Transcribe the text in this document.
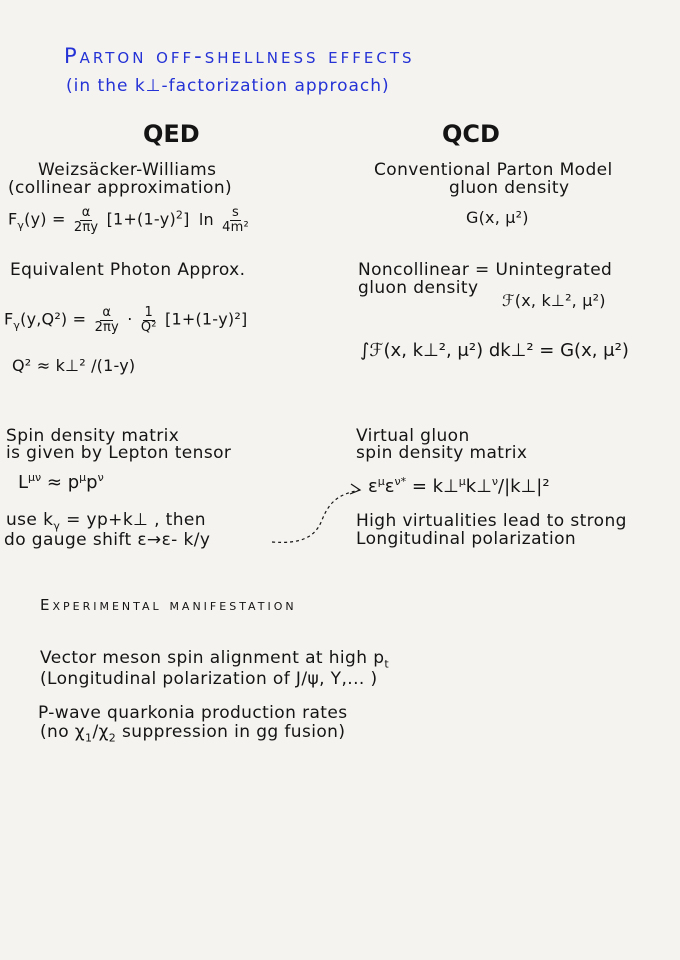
Parton off-shellness effects
(in the k⊥-factorization approach)
QED	QCD
Weizsäcker-Williams
(collinear approximation)
$F_\gamma(y) = \frac{\alpha}{2\pi y} [1+(1-y)^2]$ $\ln \frac{s}{\text{4m²}}$
Equivalent Photon Approx.
$F_\gamma(y,Q^2) = \frac{\alpha}{2\pi y} \cdot \frac{1}{\text{Q²}} [1+(1-y)^2]$
Q² ≈ k⊥² /(1-y)
Spin density matrix
is given by Lepton tensor
$L^{\mu\nu} \approx p^\mu p^\nu$
use $k_\gamma$ = yp+k⊥ , then
do gauge shift ε→ε- k/y
Conventional Parton Model
gluon density
G(x, μ²)
Noncollinear = Unintegrated
gluon density
ℱ(x, k⊥², μ²)
∫ℱ(x, k⊥², μ²) dk⊥² = G(x, μ²)
Virtual gluon
spin density matrix
$\varepsilon^\mu\varepsilon^{\nu*}$ = k⊥$^\mu$k⊥$^\nu$/|k⊥|²
High virtualities lead to strong
Longitudinal polarization
Experimental manifestation
Vector meson spin alignment at high $p_t$
(Longitudinal polarization of J/ψ, Υ,... )
P-wave quarkonia production rates
(no $\chi_1/\chi_2$ suppression in gg fusion)
